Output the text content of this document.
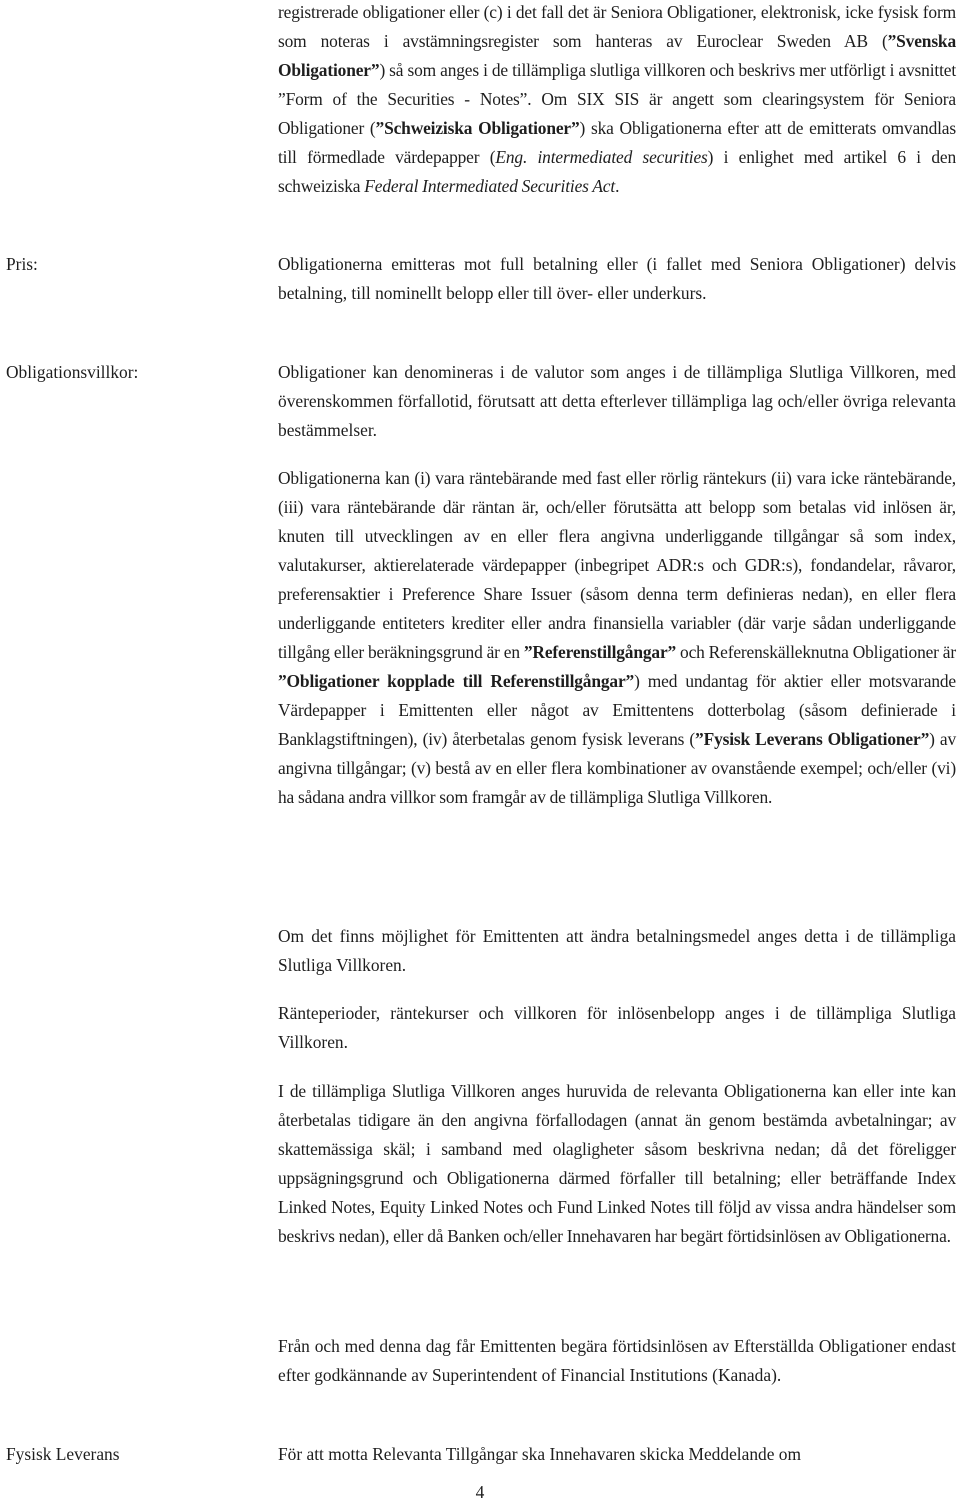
registrerade obligationer eller (c) i det fall det är Seniora Obligationer, elektronisk, icke fysisk form som noteras i avstämningsregister som hanteras av Euroclear Sweden AB (”Svenska Obligationer”) så som anges i de tillämpliga slutliga villkoren och beskrivs mer utförligt i avsnittet ”Form of the Securities - Notes”. Om SIX SIS är angett som clearingsystem för Seniora Obligationer (”Schweiziska Obligationer”) ska Obligationerna efter att de emitterats omvandlas till förmedlade värdepapper (Eng. intermediated securities) i enlighet med artikel 6 i den schweiziska Federal Intermediated Securities Act.

Pris:	Obligationerna emitteras mot full betalning eller (i fallet med Seniora Obligationer) delvis betalning, till nominellt belopp eller till över- eller underkurs.

Obligationsvillkor:	Obligationer kan denomineras i de valutor som anges i de tillämpliga Slutliga Villkoren, med överenskommen förfallotid, förutsatt att detta efterlever tillämpliga lag och/eller övriga relevanta bestämmelser.

Obligationerna kan (i) vara räntebärande med fast eller rörlig räntekurs (ii) vara icke räntebärande, (iii) vara räntebärande där räntan är, och/eller förutsätta att belopp som betalas vid inlösen är, knuten till utvecklingen av en eller flera angivna underliggande tillgångar så som index, valutakurser, aktierelaterade värdepapper (inbegripet ADR:s och GDR:s), fondandelar, råvaror, preferensaktier i Preference Share Issuer (såsom denna term definieras nedan), en eller flera underliggande entiteters krediter eller andra finansiella variabler (där varje sådan underliggande tillgång eller beräkningsgrund är en ”Referenstillgångar” och Referenskälleknutna Obligationer är ”Obligationer kopplade till Referenstillgångar”) med undantag för aktier eller motsvarande Värdepapper i Emittenten eller något av Emittentens dotterbolag (såsom definierade i Banklagstiftningen), (iv) återbetalas genom fysisk leverans (”Fysisk Leverans Obligationer”) av angivna tillgångar; (v) bestå av en eller flera kombinationer av ovanstående exempel; och/eller (vi) ha sådana andra villkor som framgår av de tillämpliga Slutliga Villkoren.

Om det finns möjlighet för Emittenten att ändra betalningsmedel anges detta i de tillämpliga Slutliga Villkoren.

Ränteperioder, räntekurser och villkoren för inlösenbelopp anges i de tillämpliga Slutliga Villkoren.

I de tillämpliga Slutliga Villkoren anges huruvida de relevanta Obligationerna kan eller inte kan återbetalas tidigare än den angivna förfallodagen (annat än genom bestämda avbetalningar; av skattemässiga skäl; i samband med olagligheter såsom beskrivna nedan; då det föreligger uppsägningsgrund och Obligationerna därmed förfaller till betalning; eller beträffande Index Linked Notes, Equity Linked Notes och Fund Linked Notes till följd av vissa andra händelser som beskrivs nedan), eller då Banken och/eller Innehavaren har begärt förtidsinlösen av Obligationerna.

Från och med denna dag får Emittenten begära förtidsinlösen av Efterställda Obligationer endast efter godkännande av Superintendent of Financial Institutions (Kanada).

Fysisk Leverans	För att motta Relevanta Tillgångar ska Innehavaren skicka Meddelande om

4
